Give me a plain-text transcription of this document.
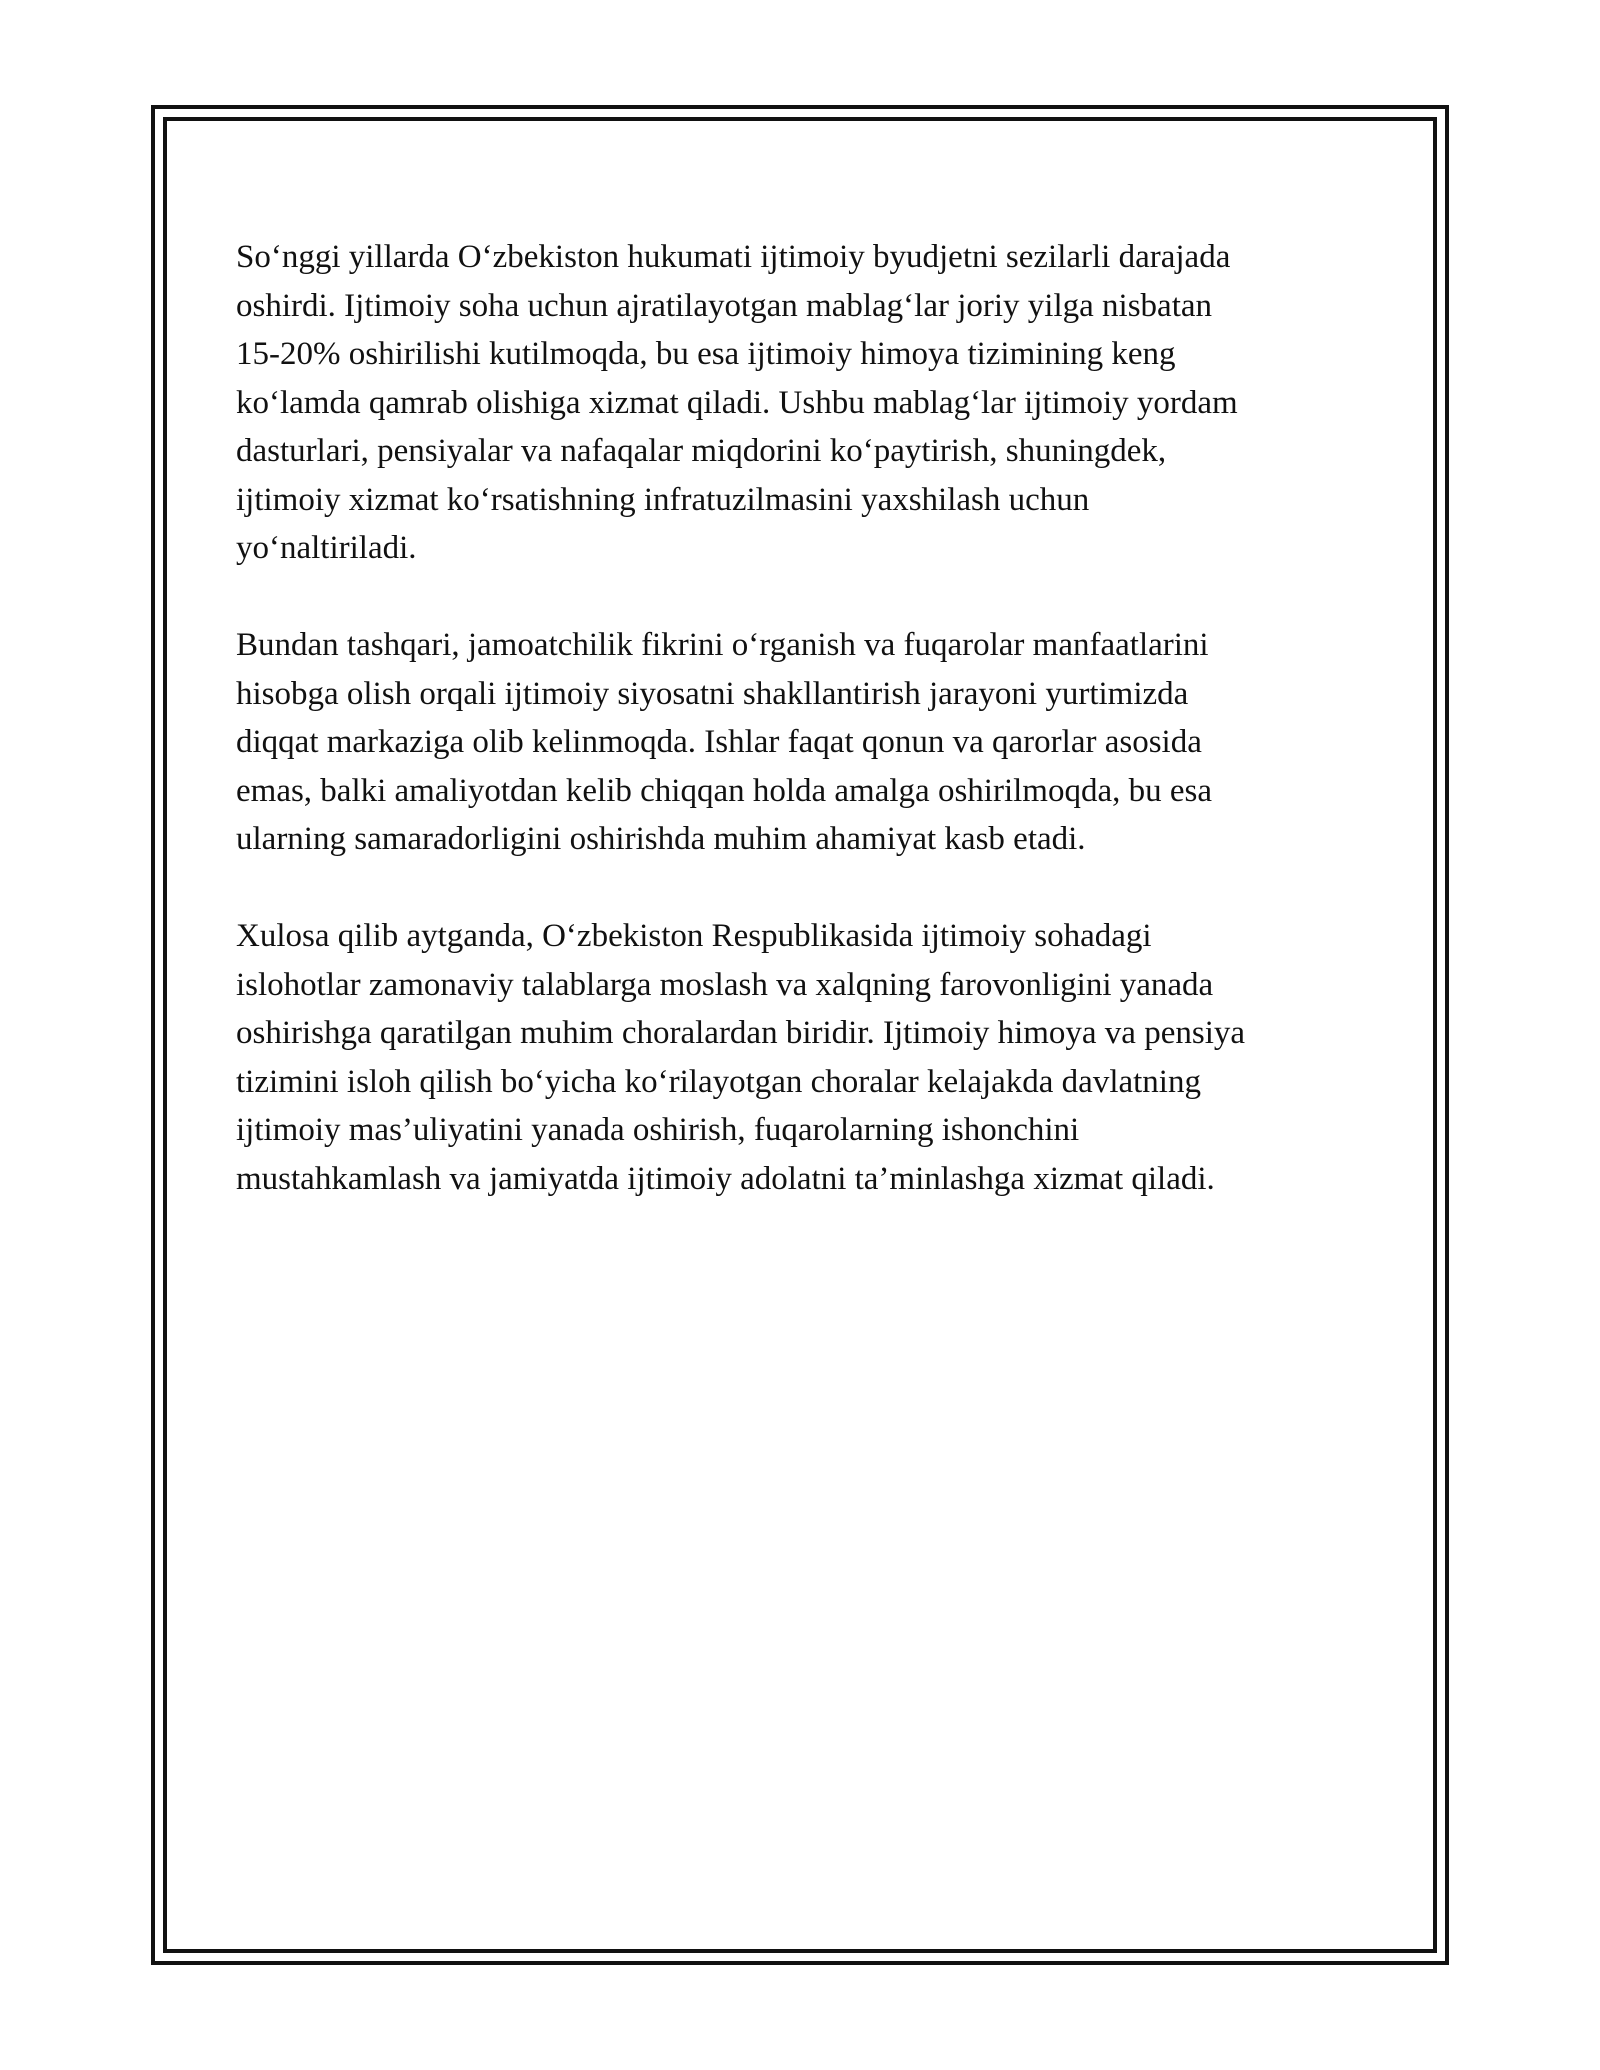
So‘nggi yillarda O‘zbekiston hukumati ijtimoiy byudjetni sezilarli darajada
oshirdi. Ijtimoiy soha uchun ajratilayotgan mablag‘lar joriy yilga nisbatan
15-20% oshirilishi kutilmoqda, bu esa ijtimoiy himoya tizimining keng
ko‘lamda qamrab olishiga xizmat qiladi. Ushbu mablag‘lar ijtimoiy yordam
dasturlari, pensiyalar va nafaqalar miqdorini ko‘paytirish, shuningdek,
ijtimoiy xizmat ko‘rsatishning infratuzilmasini yaxshilash uchun
yo‘naltiriladi.

Bundan tashqari, jamoatchilik fikrini o‘rganish va fuqarolar manfaatlarini
hisobga olish orqali ijtimoiy siyosatni shakllantirish jarayoni yurtimizda
diqqat markaziga olib kelinmoqda. Ishlar faqat qonun va qarorlar asosida
emas, balki amaliyotdan kelib chiqqan holda amalga oshirilmoqda, bu esa
ularning samaradorligini oshirishda muhim ahamiyat kasb etadi.

Xulosa qilib aytganda, O‘zbekiston Respublikasida ijtimoiy sohadagi
islohotlar zamonaviy talablarga moslash va xalqning farovonligini yanada
oshirishga qaratilgan muhim choralardan biridir. Ijtimoiy himoya va pensiya
tizimini isloh qilish bo‘yicha ko‘rilayotgan choralar kelajakda davlatning
ijtimoiy mas’uliyatini yanada oshirish, fuqarolarning ishonchini
mustahkamlash va jamiyatda ijtimoiy adolatni ta’minlashga xizmat qiladi.
